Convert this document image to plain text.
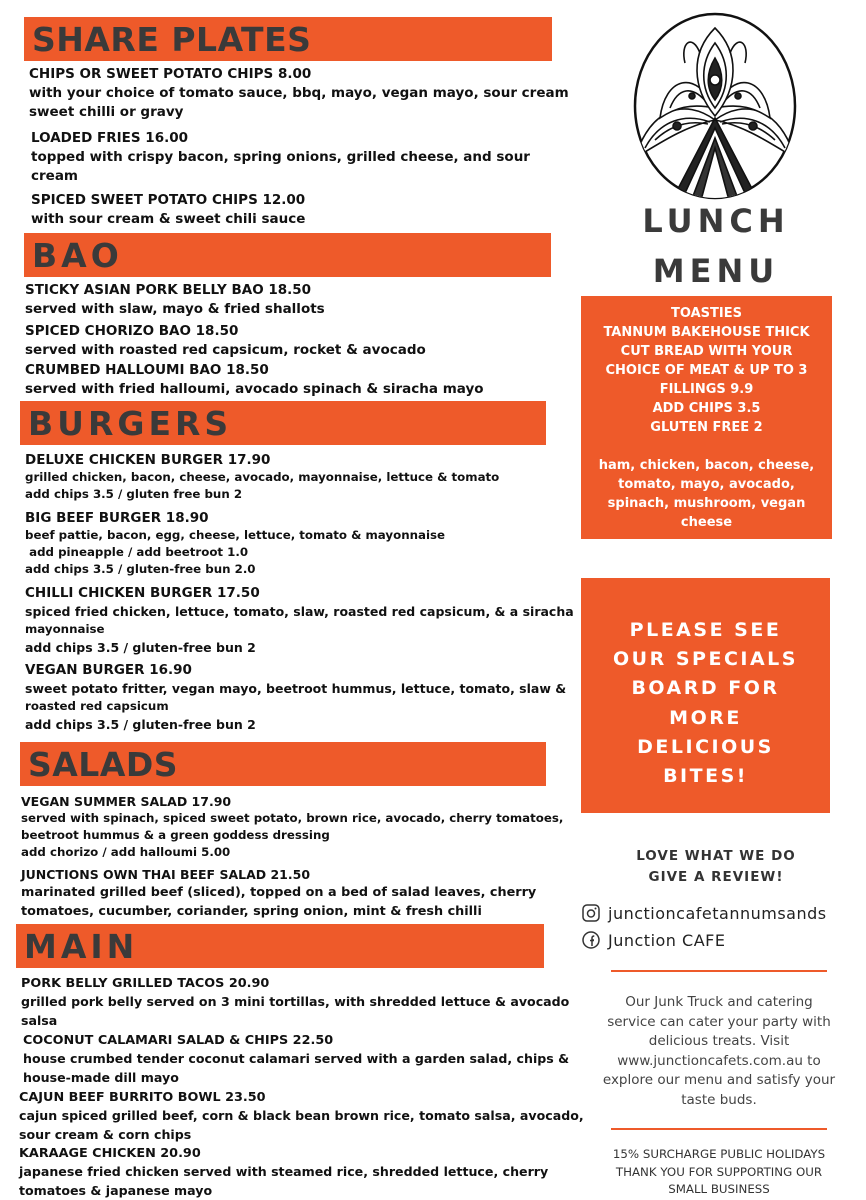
SHARE PLATES
BAO
BURGERS
SALADS
MAIN
CHIPS OR SWEET POTATO CHIPS 8.00
with your choice of tomato sauce, bbq, mayo, vegan mayo, sour cream
sweet chilli or gravy
LOADED FRIES 16.00
topped with crispy bacon, spring onions, grilled cheese, and sour
cream
SPICED SWEET POTATO CHIPS 12.00
with sour cream & sweet chili sauce
STICKY ASIAN PORK BELLY BAO 18.50
served with slaw, mayo & fried shallots
SPICED CHORIZO BAO 18.50
served with roasted red capsicum, rocket & avocado
CRUMBED HALLOUMI BAO 18.50
served with fried halloumi, avocado spinach & siracha mayo
DELUXE CHICKEN BURGER 17.90
grilled chicken, bacon, cheese, avocado, mayonnaise, lettuce & tomato
add chips 3.5 / gluten free bun 2
BIG BEEF BURGER 18.90
beef pattie, bacon, egg, cheese, lettuce, tomato & mayonnaise
add pineapple / add beetroot 1.0
add chips 3.5 / gluten-free bun 2.0
CHILLI CHICKEN BURGER 17.50
spiced fried chicken, lettuce, tomato, slaw, roasted red capsicum, & a siracha
mayonnaise
add chips 3.5 / gluten-free bun 2
VEGAN BURGER 16.90
sweet potato fritter, vegan mayo, beetroot hummus, lettuce, tomato, slaw &
roasted red capsicum
add chips 3.5 / gluten-free bun 2
VEGAN SUMMER SALAD 17.90
served with spinach, spiced sweet potato, brown rice, avocado, cherry tomatoes,
beetroot hummus & a green goddess dressing
add chorizo / add halloumi 5.00
JUNCTIONS OWN THAI BEEF SALAD 21.50
marinated grilled beef (sliced), topped on a bed of salad leaves, cherry
tomatoes, cucumber, coriander, spring onion, mint & fresh chilli
PORK BELLY GRILLED TACOS 20.90
grilled pork belly served on 3 mini tortillas, with shredded lettuce & avocado
salsa
COCONUT CALAMARI SALAD & CHIPS 22.50
house crumbed tender coconut calamari served with a garden salad, chips &
house-made dill mayo
CAJUN BEEF BURRITO BOWL 23.50
cajun spiced grilled beef, corn & black bean brown rice, tomato salsa, avocado,
sour cream & corn chips
KARAAGE CHICKEN 20.90
japanese fried chicken served with steamed rice, shredded lettuce, cherry
tomatoes & japanese mayo
LUNCH
MENU
TOASTIES
TANNUM BAKEHOUSE THICK
CUT BREAD WITH YOUR
CHOICE OF MEAT & UP TO 3
FILLINGS 9.9
ADD CHIPS 3.5
GLUTEN FREE 2
ham, chicken, bacon, cheese,
tomato, mayo, avocado,
spinach, mushroom, vegan
cheese
PLEASE SEE
OUR SPECIALS
BOARD FOR
MORE
DELICIOUS
BITES!
LOVE WHAT WE DO
GIVE A REVIEW!
junctioncafetannumsands
Junction CAFE
Our Junk Truck and catering
service can cater your party with
delicious treats. Visit
www.junctioncafets.com.au to
explore our menu and satisfy your
taste buds.
15% SURCHARGE PUBLIC HOLIDAYS
THANK YOU FOR SUPPORTING OUR
SMALL BUSINESS
